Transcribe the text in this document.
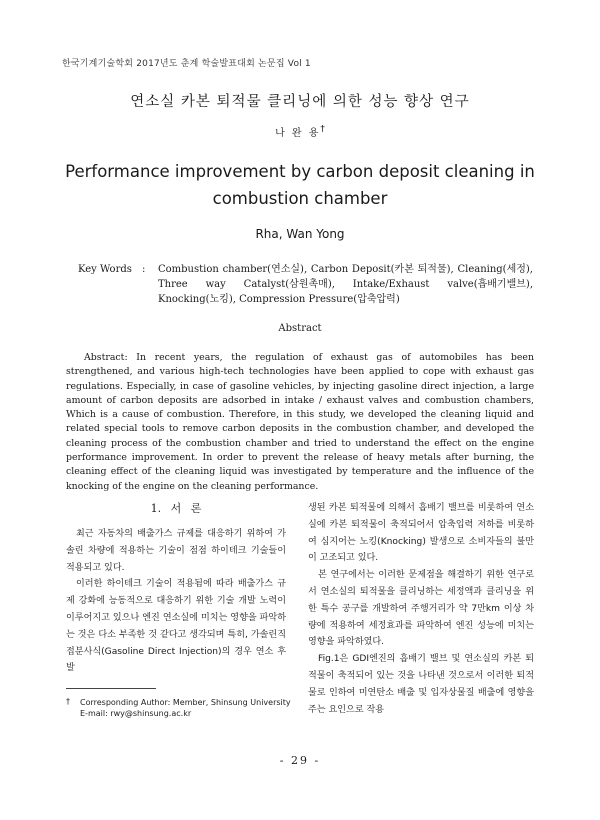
한국기계기술학회 2017년도 춘계 학술발표대회 논문집 Vol 1
연소실 카본 퇴적물 클리닝에 의한 성능 향상 연구
나 완 용†
Performance improvement by carbon deposit cleaning in combustion chamber
Rha, Wan Yong
Key Words	: Combustion chamber(연소실), Carbon Deposit(카본 퇴적물), Cleaning(세정), Three way Catalyst(삼원촉매), Intake/Exhaust valve(흡배기밸브), Knocking(노킹), Compression Pressure(압축압력)
Abstract
Abstract: In recent years, the regulation of exhaust gas of automobiles has been strengthened, and various high-tech technologies have been applied to cope with exhaust gas regulations. Especially, in case of gasoline vehicles, by injecting gasoline direct injection, a large amount of carbon deposits are adsorbed in intake / exhaust valves and combustion chambers, Which is a cause of combustion. Therefore, in this study, we developed the cleaning liquid and related special tools to remove carbon deposits in the combustion chamber, and developed the cleaning process of the combustion chamber and tried to understand the effect on the engine performance improvement. In order to prevent the release of heavy metals after burning, the cleaning effect of the cleaning liquid was investigated by temperature and the influence of the knocking of the engine on the cleaning performance.
1. 서 론

최근 자동차의 배출가스 규제를 대응하기 위하여 가솔린 차량에 적용하는 기술이 점점 하이테크 기술들이 적용되고 있다.

이러한 하이테크 기술이 적용됨에 따라 배출가스 규제 강화에 능동적으로 대응하기 위한 기술 개발 노력이 이루어지고 있으나 엔진 연소실에 미치는 영향을 파악하는 것은 다소 부족한 것 같다고 생각되며 특히, 가솔린직접분사식(Gasoline Direct Injection)의 경우 연소 후 발

생된 카본 퇴적물에 의해서 흡배기 밸브를 비롯하여 연소실에 카본 퇴적물이 축적되어서 압축입력 저하를 비롯하여 심지어는 노킹(Knocking) 발생으로 소비자들의 불만이 고조되고 있다.

본 연구에서는 이러한 문제점을 해결하기 위한 연구로서 연소실의 퇴적물을 클리닝하는 세정액과 클리닝을 위한 특수 공구를 개발하여 주행거리가 약 7만km 이상 차량에 적용하여 세정효과를 파악하여 엔진 성능에 미치는 영향을 파악하였다.

Fig.1은 GDI엔진의 흡배기 밸브 및 연소실의 카본 퇴적물이 축적되어 있는 것을 나타낸 것으로서 이러한 퇴적물로 인하여 미연탄소 배출 및 입자상물질 배출에 영향을 주는 요인으로 작용

† Corresponding Author: Member, Shinsung University
E-mail: rwy@shinsung.ac.kr
- 29 -
